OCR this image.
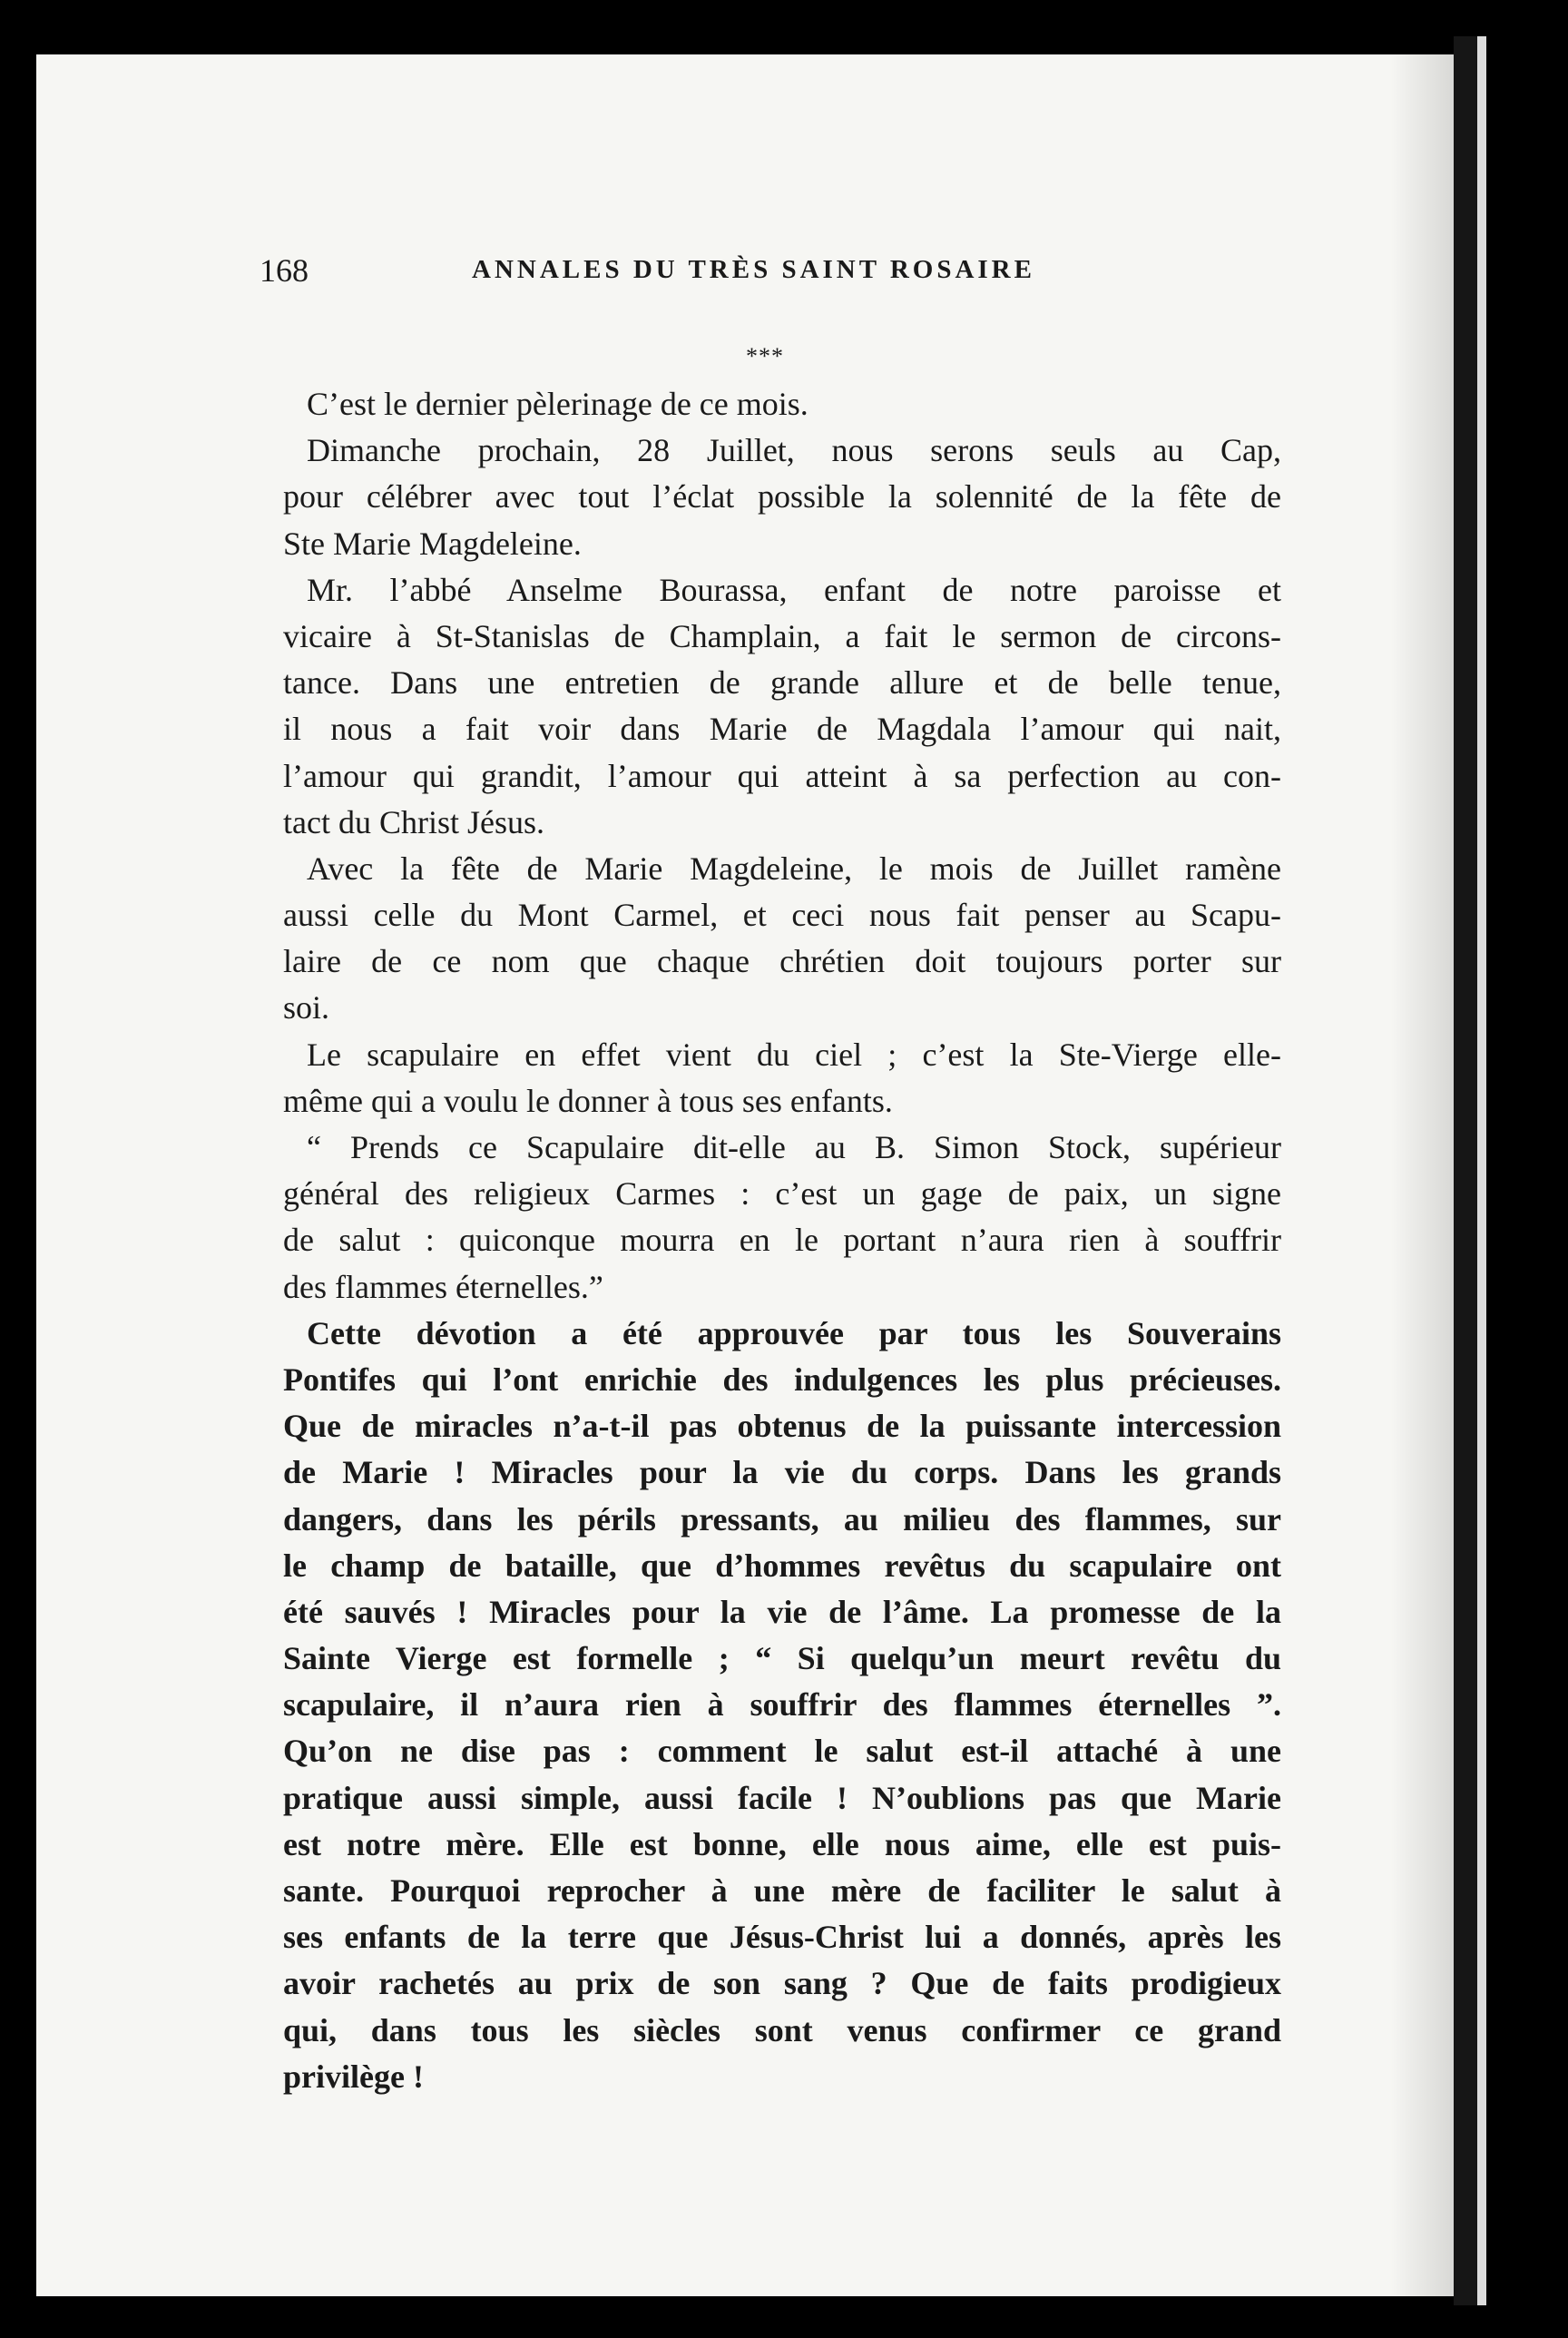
168	ANNALES DU TRÈS SAINT ROSAIRE
***
C’est le dernier pèlerinage de ce mois.
Dimanche prochain, 28 Juillet, nous serons seuls au Cap,
pour célébrer avec tout l’éclat possible la solennité de la fête de
Ste Marie Magdeleine.
Mr. l’abbé Anselme Bourassa, enfant de notre paroisse et
vicaire à St-Stanislas de Champlain, a fait le sermon de circons-
tance. Dans une entretien de grande allure et de belle tenue,
il nous a fait voir dans Marie de Magdala l’amour qui nait,
l’amour qui grandit, l’amour qui atteint à sa perfection au con-
tact du Christ Jésus.
Avec la fête de Marie Magdeleine, le mois de Juillet ramène
aussi celle du Mont Carmel, et ceci nous fait penser au Scapu-
laire de ce nom que chaque chrétien doit toujours porter sur
soi.
Le scapulaire en effet vient du ciel ; c’est la Ste-Vierge elle-
même qui a voulu le donner à tous ses enfants.
“ Prends ce Scapulaire dit-elle au B. Simon Stock, supérieur
général des religieux Carmes : c’est un gage de paix, un signe
de salut : quiconque mourra en le portant n’aura rien à souffrir
des flammes éternelles.”
Cette dévotion a été approuvée par tous les Souverains
Pontifes qui l’ont enrichie des indulgences les plus précieuses.
Que de miracles n’a-t-il pas obtenus de la puissante intercession
de Marie ! Miracles pour la vie du corps. Dans les grands
dangers, dans les périls pressants, au milieu des flammes, sur
le champ de bataille, que d’hommes revêtus du scapulaire ont
été sauvés ! Miracles pour la vie de l’âme. La promesse de la
Sainte Vierge est formelle ; “ Si quelqu’un meurt revêtu du
scapulaire, il n’aura rien à souffrir des flammes éternelles ”.
Qu’on ne dise pas : comment le salut est-il attaché à une
pratique aussi simple, aussi facile ! N’oublions pas que Marie
est notre mère. Elle est bonne, elle nous aime, elle est puis-
sante. Pourquoi reprocher à une mère de faciliter le salut à
ses enfants de la terre que Jésus-Christ lui a donnés, après les
avoir rachetés au prix de son sang ? Que de faits prodigieux
qui, dans tous les siècles sont venus confirmer ce grand
privilège !
